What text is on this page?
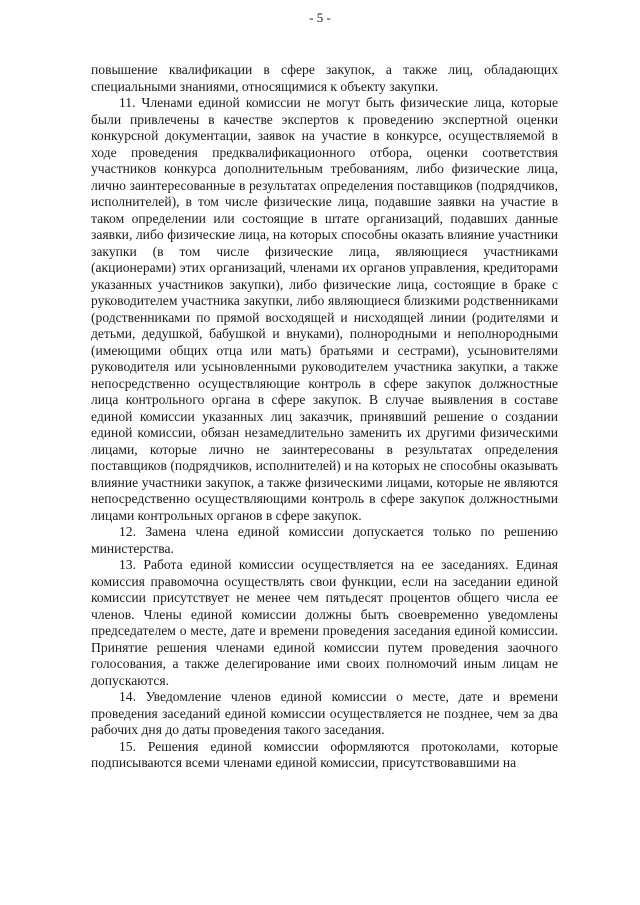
- 5 -

повышение квалификации в сфере закупок, а также лиц, обладающих специальными знаниями, относящимися к объекту закупки.

11. Членами единой комиссии не могут быть физические лица, которые были привлечены в качестве экспертов к проведению экспертной оценки конкурсной документации, заявок на участие в конкурсе, осуществляемой в ходе проведения предквалификационного отбора, оценки соответствия участников конкурса дополнительным требованиям, либо физические лица, лично заинтересованные в результатах определения поставщиков (подрядчиков, исполнителей), в том числе физические лица, подавшие заявки на участие в таком определении или состоящие в штате организаций, подавших данные заявки, либо физические лица, на которых способны оказать влияние участники закупки (в том числе физические лица, являющиеся участниками (акционерами) этих организаций, членами их органов управления, кредиторами указанных участников закупки), либо физические лица, состоящие в браке с руководителем участника закупки, либо являющиеся близкими родственниками (родственниками по прямой восходящей и нисходящей линии (родителями и детьми, дедушкой, бабушкой и внуками), полнородными и неполнородными (имеющими общих отца или мать) братьями и сестрами), усыновителями руководителя или усыновленными руководителем участника закупки, а также непосредственно осуществляющие контроль в сфере закупок должностные лица контрольного органа в сфере закупок. В случае выявления в составе единой комиссии указанных лиц заказчик, принявший решение о создании единой комиссии, обязан незамедлительно заменить их другими физическими лицами, которые лично не заинтересованы в результатах определения поставщиков (подрядчиков, исполнителей) и на которых не способны оказывать влияние участники закупок, а также физическими лицами, которые не являются непосредственно осуществляющими контроль в сфере закупок должностными лицами контрольных органов в сфере закупок.

12. Замена члена единой комиссии допускается только по решению министерства.

13. Работа единой комиссии осуществляется на ее заседаниях. Единая комиссия правомочна осуществлять свои функции, если на заседании единой комиссии присутствует не менее чем пятьдесят процентов общего числа ее членов. Члены единой комиссии должны быть своевременно уведомлены председателем о месте, дате и времени проведения заседания единой комиссии. Принятие решения членами единой комиссии путем проведения заочного голосования, а также делегирование ими своих полномочий иным лицам не допускаются.

14. Уведомление членов единой комиссии о месте, дате и времени проведения заседаний единой комиссии осуществляется не позднее, чем за два рабочих дня до даты проведения такого заседания.

15. Решения единой комиссии оформляются протоколами, которые подписываются всеми членами единой комиссии, присутствовавшими на
